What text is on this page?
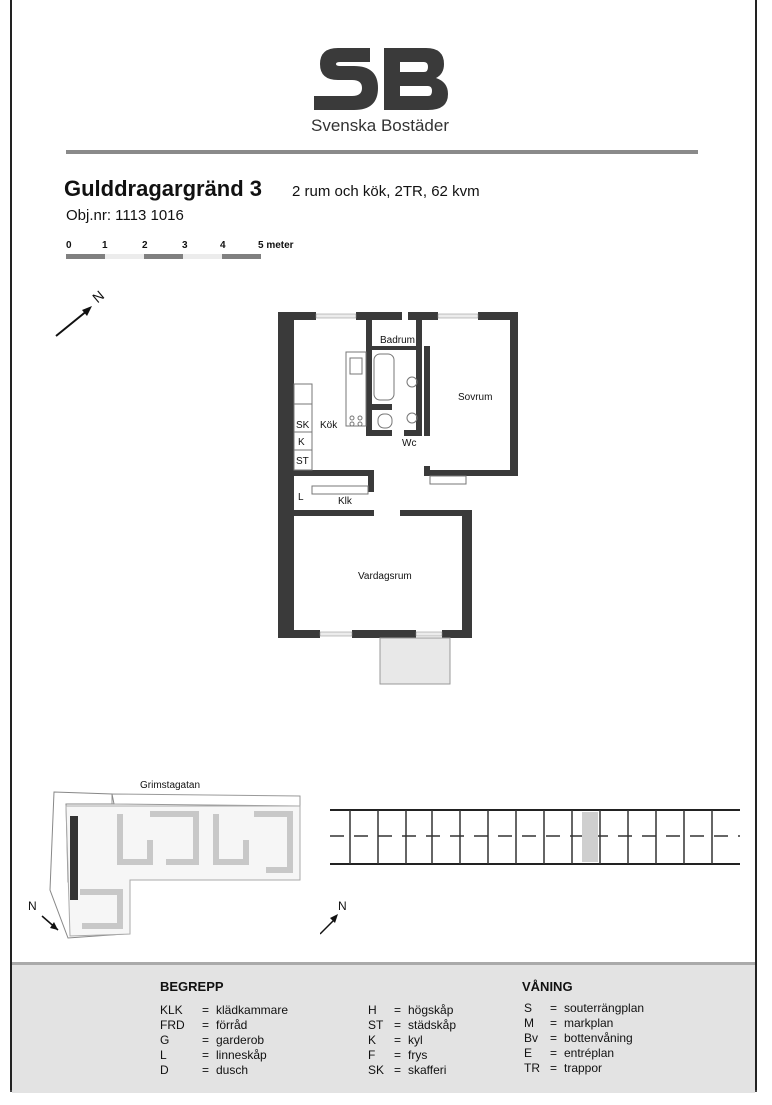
Svenska Bostäder
Gulddragargränd 3 2 rum och kök, 2TR, 62 kvm
Obj.nr: 1113 1016
0	1	2	3	4	5 meter
N
Badrum
Sovrum
Kök
SK
K
ST
Wc
L	Klk
Vardagsrum
Grimstagatan
N	N
BEGREPP	VÅNING
KLK	= klädkammare
FRD	= förråd
G	= garderob
L	= linneskåp
D	= dusch
H	= högskåp
ST = städskåp
K	= kyl
F	= frys
SK = skafferi
S	= souterrängplan
M	= markplan
Bv = bottenvåning
E	= entréplan
TR = trappor
